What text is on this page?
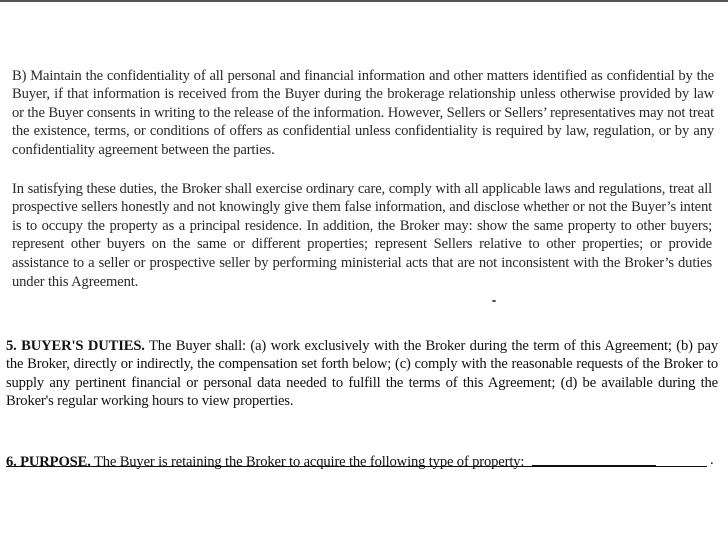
B) Maintain the confidentiality of all personal and financial information and other matters identified as confidential by the Buyer, if that information is received from the Buyer during the brokerage relationship unless otherwise provided by law or the Buyer consents in writing to the release of the information. However, Sellers or Sellers’ representatives may not treat the existence, terms, or conditions of offers as confidential unless confidentiality is required by law, regulation, or by any confidentiality agreement between the parties.

In satisfying these duties, the Broker shall exercise ordinary care, comply with all applicable laws and regulations, treat all prospective sellers honestly and not knowingly give them false information, and disclose whether or not the Buyer’s intent is to occupy the property as a principal residence. In addition, the Broker may: show the same property to other buyers; represent other buyers on the same or different properties; represent Sellers relative to other properties; or provide assistance to a seller or prospective seller by performing ministerial acts that are not inconsistent with the Broker’s duties under this Agreement.

5. BUYER'S DUTIES. The Buyer shall: (a) work exclusively with the Broker during the term of this Agreement; (b) pay the Broker, directly or indirectly, the compensation set forth below; (c) comply with the reasonable requests of the Broker to supply any pertinent financial or personal data needed to fulfill the terms of this Agreement; (d) be available during the Broker's regular working hours to view properties.

6. PURPOSE. The Buyer is retaining the Broker to acquire the following type of property:	.
